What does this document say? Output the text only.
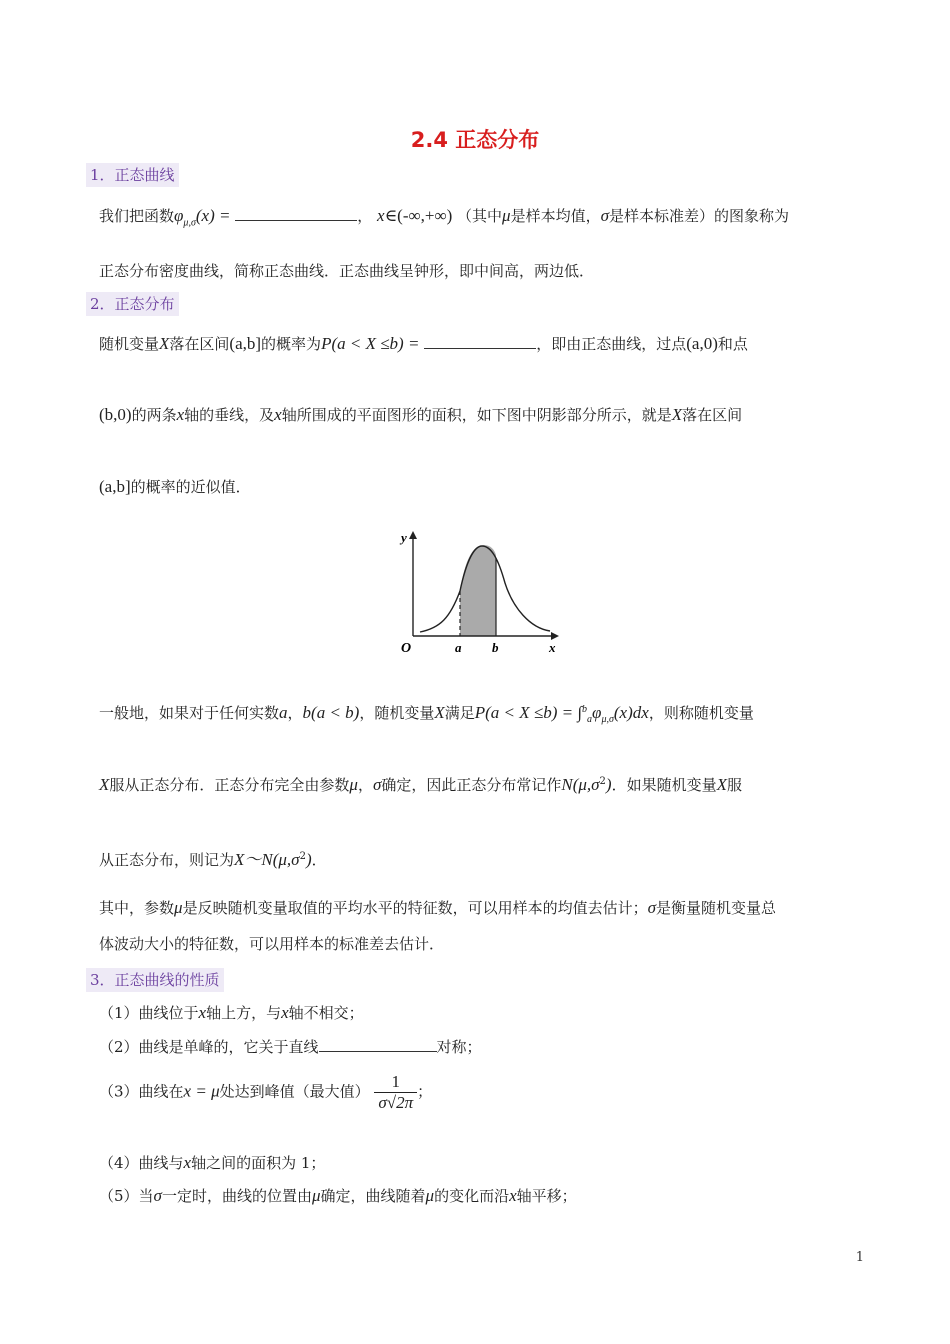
2.4 正态分布
1．正态曲线
我们把函数$\varphi_{\mu,\sigma}(x)$ =	， x∈(-∞,+∞) （其中μ是样本均值，σ是样本标准差）的图象称为
正态分布密度曲线，简称正态曲线．正态曲线呈钟形，即中间高，两边低．
2．正态分布
随机变量X落在区间(a,b]的概率为P(a < X ≤b) =	，即由正态曲线，过点(a,0)和点
(b,0)的两条x轴的垂线，及x轴所围成的平面图形的面积，如下图中阴影部分所示，就是X落在区间
(a,b]的概率的近似值．
y
O	a b	x
一般地，如果对于任何实数a，b(a < b)，随机变量X满足$P(a < X \le b) = \int^b_a\varphi_{\mu,\sigma}(x)dx$，则称随机变量
X服从正态分布．正态分布完全由参数μ，σ确定，因此正态分布常记作$N(\mu,\sigma^2)$．如果随机变量X服
从正态分布，则记为$X\sim N(\mu,\sigma^2)$．
其中，参数μ是反映随机变量取值的平均水平的特征数，可以用样本的均值去估计；σ是衡量随机变量总
体波动大小的特征数，可以用样本的标准差去估计．
3．正态曲线的性质
（1）曲线位于x轴上方，与x轴不相交；
（2）曲线是单峰的，它关于直线	对称；
（3）曲线在x = μ处达到峰值（最大值） $\frac{1}{\sigma√2\pi}$ ；
（4）曲线与x轴之间的面积为 1；
（5）当σ一定时，曲线的位置由μ确定，曲线随着μ的变化而沿x轴平移；
1
